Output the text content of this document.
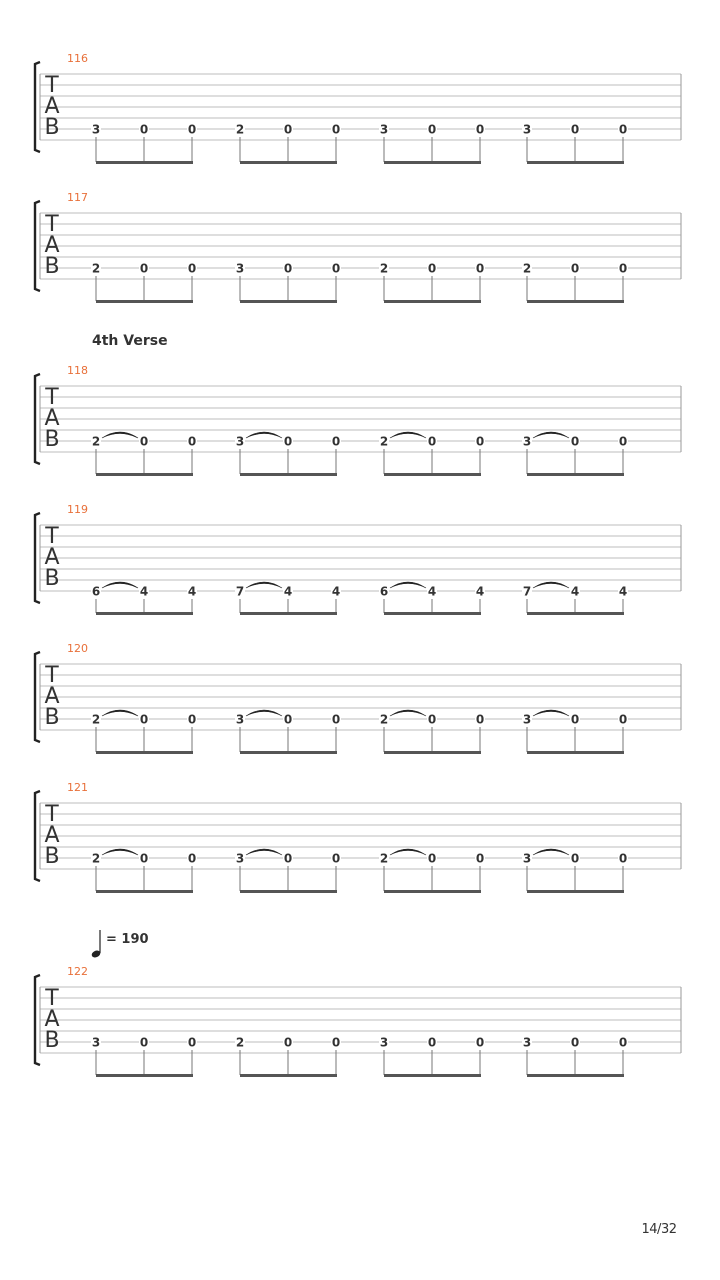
116
T
A
B	3	0	0	2	0	0	3	0	0	3	0	0
117
T
A
B	2	0	0	3	0	0	2	0	0	2	0	0
4th Verse
118
T
A
B	2	0	0	3	0	0	2	0	0	3	0	0
119
T
A
B
6	4	4	7	4	4	6	4	4	7	4	4
120
T
A
B	2	0	0	3	0	0	2	0	0	3	0	0
121
T
A
B	2	0	0	3	0	0	2	0	0	3	0	0
= 190
122
T
A
B	3	0	0	2	0	0	3	0	0	3	0	0
14/32
